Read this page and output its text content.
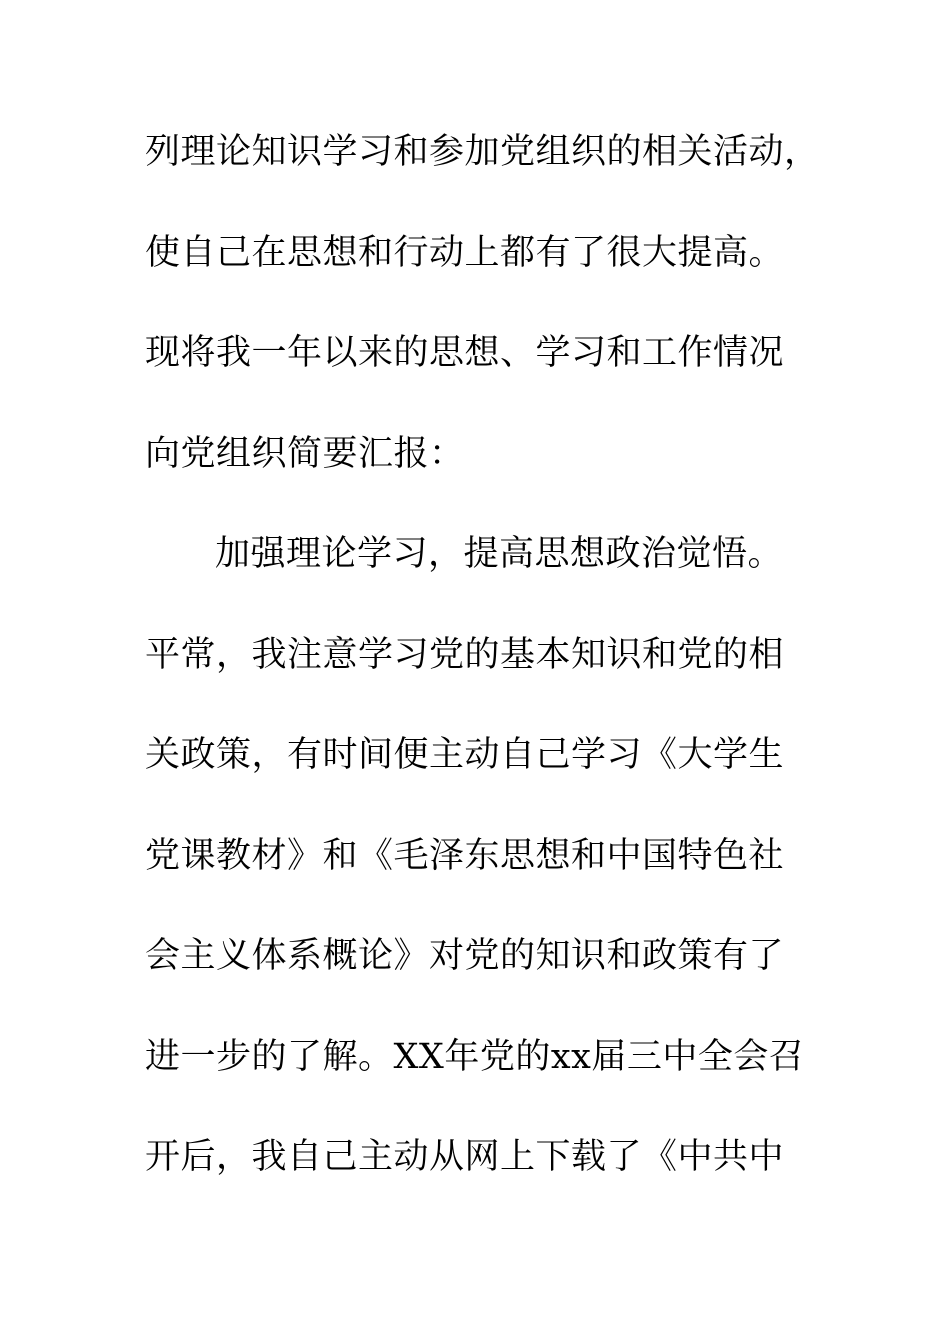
列理论知识学习和参加党组织的相关活动，

使自己在思想和行动上都有了很大提高。

现将我一年以来的思想、学习和工作情况

向党组织简要汇报：

加强理论学习，提高思想政治觉悟。

平常，我注意学习党的基本知识和党的相

关政策，有时间便主动自己学习《大学生

党课教材》和《毛泽东思想和中国特色社

会主义体系概论》对党的知识和政策有了

进一步的了解。XX年党的xx届三中全会召

开后，我自己主动从网上下载了《中共中
